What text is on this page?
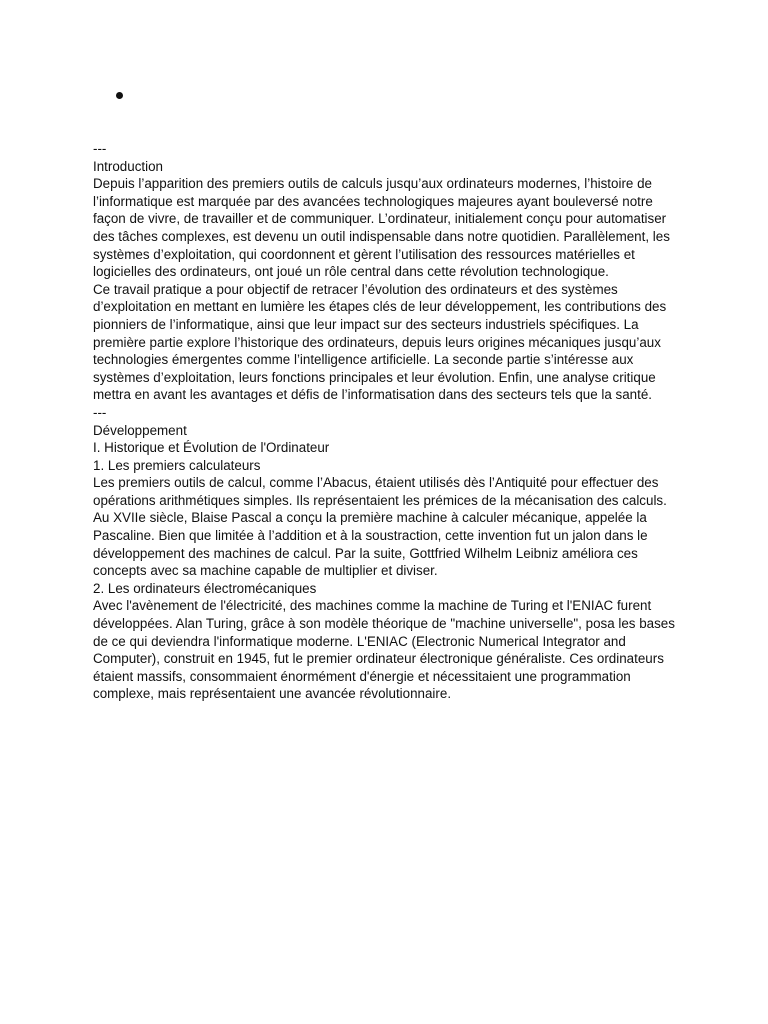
---

Introduction

Depuis l’apparition des premiers outils de calculs jusqu’aux ordinateurs modernes, l’histoire de l’informatique est marquée par des avancées technologiques majeures ayant bouleversé notre façon de vivre, de travailler et de communiquer. L’ordinateur, initialement conçu pour automatiser des tâches complexes, est devenu un outil indispensable dans notre quotidien. Parallèlement, les systèmes d’exploitation, qui coordonnent et gèrent l’utilisation des ressources matérielles et logicielles des ordinateurs, ont joué un rôle central dans cette révolution technologique.

Ce travail pratique a pour objectif de retracer l’évolution des ordinateurs et des systèmes d’exploitation en mettant en lumière les étapes clés de leur développement, les contributions des pionniers de l’informatique, ainsi que leur impact sur des secteurs industriels spécifiques. La première partie explore l’historique des ordinateurs, depuis leurs origines mécaniques jusqu’aux technologies émergentes comme l’intelligence artificielle. La seconde partie s’intéresse aux systèmes d’exploitation, leurs fonctions principales et leur évolution. Enfin, une analyse critique mettra en avant les avantages et défis de l’informatisation dans des secteurs tels que la santé.

---

Développement

I. Historique et Évolution de l'Ordinateur

1. Les premiers calculateurs

Les premiers outils de calcul, comme l’Abacus, étaient utilisés dès l’Antiquité pour effectuer des opérations arithmétiques simples. Ils représentaient les prémices de la mécanisation des calculs. Au XVIIe siècle, Blaise Pascal a conçu la première machine à calculer mécanique, appelée la Pascaline. Bien que limitée à l’addition et à la soustraction, cette invention fut un jalon dans le développement des machines de calcul. Par la suite, Gottfried Wilhelm Leibniz améliora ces concepts avec sa machine capable de multiplier et diviser.

2. Les ordinateurs électromécaniques

Avec l'avènement de l'électricité, des machines comme la machine de Turing et l'ENIAC furent développées. Alan Turing, grâce à son modèle théorique de "machine universelle", posa les bases de ce qui deviendra l'informatique moderne. L'ENIAC (Electronic Numerical Integrator and Computer), construit en 1945, fut le premier ordinateur électronique généraliste. Ces ordinateurs étaient massifs, consommaient énormément d'énergie et nécessitaient une programmation complexe, mais représentaient une avancée révolutionnaire.
